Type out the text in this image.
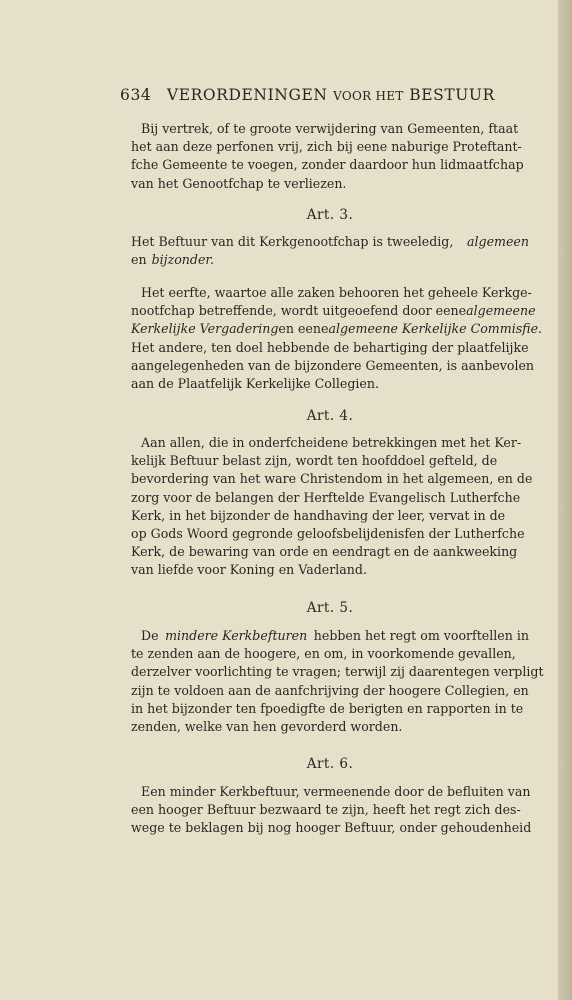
634 VERORDENINGEN VOOR HET BESTUUR
Bij vertrek, of te groote verwijdering van Gemeenten, ftaat
het aan deze perfonen vrij, zich bij eene naburige Proteftant-
fche Gemeente te voegen, zonder daardoor hun lidmaatfchap
van het Genootfchap te verliezen.
Art. 3.
Het Beftuur van dit Kerkgenootfchap is tweeledig, algemeen
en bijzonder.
Het eerfte, waartoe alle zaken behooren het geheele Kerkge-
nootfchap betreffende, wordt uitgeoefend door eene algemeene
Kerkelijke Vergadering en eene algemeene Kerkelijke Commisfie.
Het andere, ten doel hebbende de behartiging der plaatfelijke
aangelegenheden van de bijzondere Gemeenten, is aanbevolen
aan de Plaatfelijk Kerkelijke Collegien.
Art. 4.
Aan allen, die in onderfcheidene betrekkingen met het Ker-
kelijk Beftuur belast zijn, wordt ten hoofddoel gefteld, de
bevordering van het ware Christendom in het algemeen, en de
zorg voor de belangen der Herftelde Evangelisch Lutherfche
Kerk, in het bijzonder de handhaving der leer, vervat in de
op Gods Woord gegronde geloofsbelijdenisfen der Lutherfche
Kerk, de bewaring van orde en eendragt en de aankweeking
van liefde voor Koning en Vaderland.
Art. 5.
De mindere Kerkbefturen hebben het regt om voorftellen in
te zenden aan de hoogere, en om, in voorkomende gevallen,
derzelver voorlichting te vragen; terwijl zij daarentegen verpligt
zijn te voldoen aan de aanfchrijving der hoogere Collegien, en
in het bijzonder ten fpoedigfte de berigten en rapporten in te
zenden, welke van hen gevorderd worden.
Art. 6.
Een minder Kerkbeftuur, vermeenende door de befluiten van
een hooger Beftuur bezwaard te zijn, heeft het regt zich des-
wege te beklagen bij nog hooger Beftuur, onder gehoudenheid
